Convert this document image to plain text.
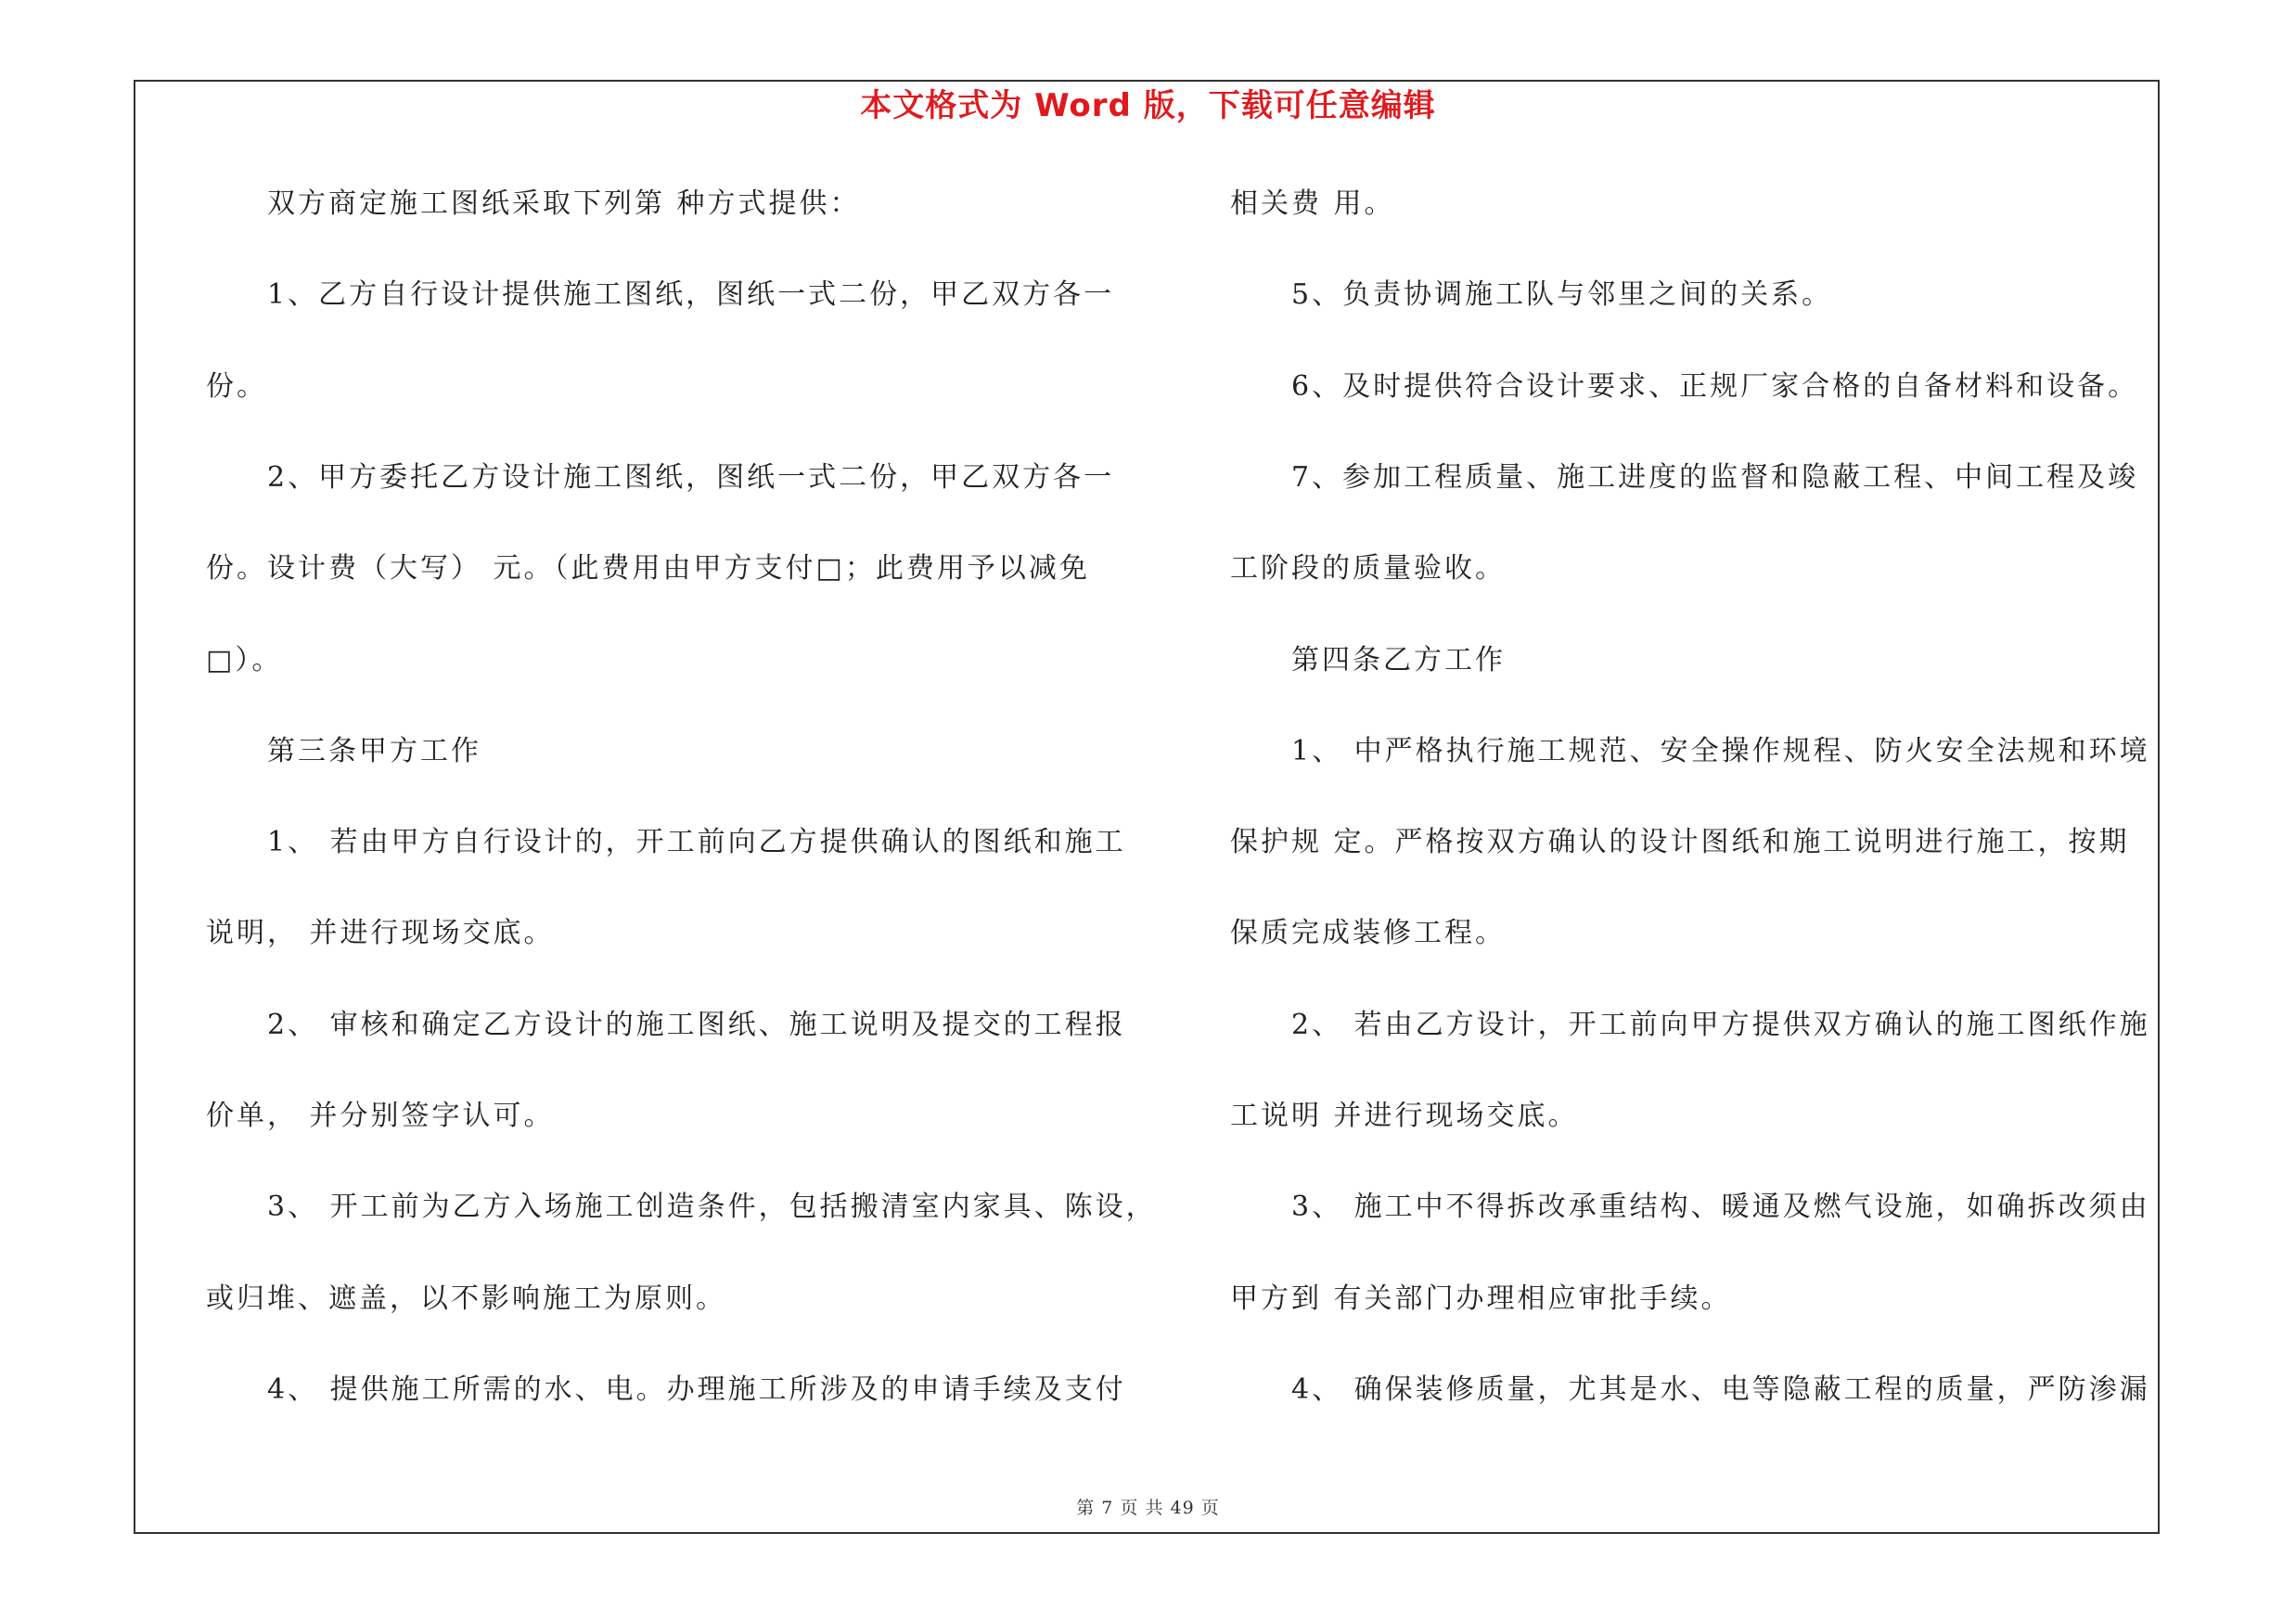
本文格式为 Word 版，下载可任意编辑
双方商定施工图纸采取下列第 种方式提供：
1、乙方自行设计提供施工图纸，图纸一式二份，甲乙双方各一
份。
2、甲方委托乙方设计施工图纸，图纸一式二份，甲乙双方各一
份。设计费（大写） 元。（此费用由甲方支付□；此费用予以减免
□）。
第三条甲方工作
1、 若由甲方自行设计的，开工前向乙方提供确认的图纸和施工
说明， 并进行现场交底。
2、 审核和确定乙方设计的施工图纸、施工说明及提交的工程报
价单， 并分别签字认可。
3、 开工前为乙方入场施工创造条件，包括搬清室内家具、陈设，
或归堆、遮盖，以不影响施工为原则。
4、 提供施工所需的水、电。办理施工所涉及的申请手续及支付
相关费 用。
5、负责协调施工队与邻里之间的关系。
6、及时提供符合设计要求、正规厂家合格的自备材料和设备。
7、参加工程质量、施工进度的监督和隐蔽工程、中间工程及竣
工阶段的质量验收。
第四条乙方工作
1、 中严格执行施工规范、安全操作规程、防火安全法规和环境
保护规 定。严格按双方确认的设计图纸和施工说明进行施工，按期
保质完成装修工程。
2、 若由乙方设计，开工前向甲方提供双方确认的施工图纸作施
工说明 并进行现场交底。
3、 施工中不得拆改承重结构、暖通及燃气设施，如确拆改须由
甲方到 有关部门办理相应审批手续。
4、 确保装修质量，尤其是水、电等隐蔽工程的质量，严防渗漏
第 7 页 共 49 页
